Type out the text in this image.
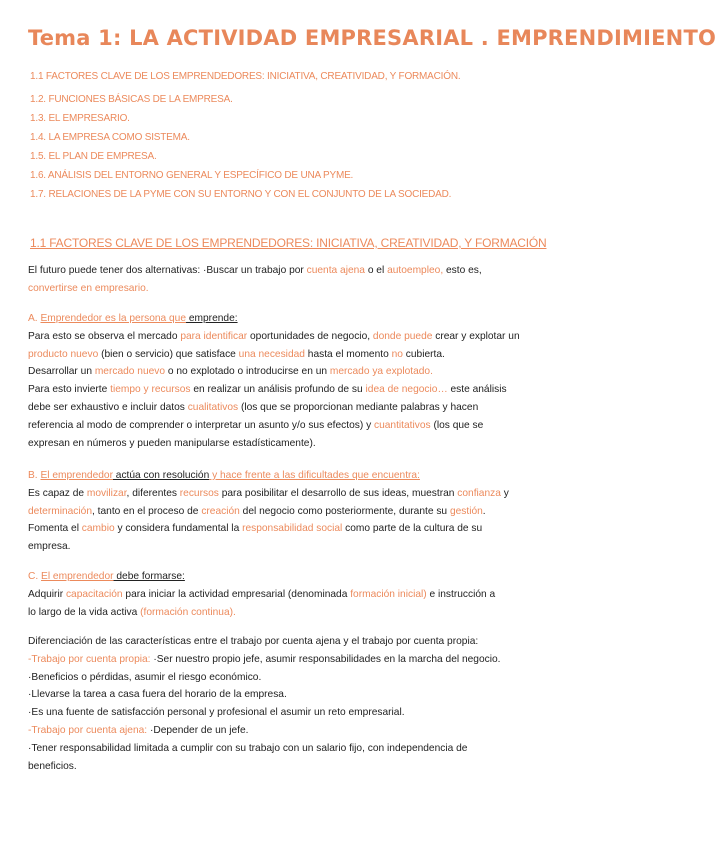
Tema 1: LA ACTIVIDAD EMPRESARIAL . EMPRENDIMIENTO
1.1 FACTORES CLAVE DE LOS EMPRENDEDORES: INICIATIVA, CREATIVIDAD, Y FORMACIÓN.
1.2. FUNCIONES BÁSICAS DE LA EMPRESA.
1.3. EL EMPRESARIO.
1.4. LA EMPRESA COMO SISTEMA.
1.5. EL PLAN DE EMPRESA.
1.6. ANÁLISIS DEL ENTORNO GENERAL Y ESPECÍFICO DE UNA PYME.
1.7. RELACIONES DE LA PYME CON SU ENTORNO Y CON EL CONJUNTO DE LA SOCIEDAD.
1.1 FACTORES CLAVE DE LOS EMPRENDEDORES: INICIATIVA, CREATIVIDAD, Y FORMACIÓN
El futuro puede tener dos alternativas: ·Buscar un trabajo por cuenta ajena o el autoempleo, esto es,
convertirse en empresario.
A. Emprendedor es la persona que emprende:
Para esto se observa el mercado para identificar oportunidades de negocio, donde puede crear y explotar un
producto nuevo (bien o servicio) que satisface una necesidad hasta el momento no cubierta.
Desarrollar un mercado nuevo o no explotado o introducirse en un mercado ya explotado.
Para esto invierte tiempo y recursos en realizar un análisis profundo de su idea de negocio… este análisis
debe ser exhaustivo e incluir datos cualitativos (los que se proporcionan mediante palabras y hacen
referencia al modo de comprender o interpretar un asunto y/o sus efectos) y cuantitativos (los que se
expresan en números y pueden manipularse estadísticamente).
B. El emprendedor actúa con resolución y hace frente a las dificultades que encuentra:
Es capaz de movilizar, diferentes recursos para posibilitar el desarrollo de sus ideas, muestran confianza y
determinación, tanto en el proceso de creación del negocio como posteriormente, durante su gestión.
Fomenta el cambio y considera fundamental la responsabilidad social como parte de la cultura de su
empresa.
C. El emprendedor debe formarse:
Adquirir capacitación para iniciar la actividad empresarial (denominada formación inicial) e instrucción a
lo largo de la vida activa (formación continua).
Diferenciación de las características entre el trabajo por cuenta ajena y el trabajo por cuenta propia:
-Trabajo por cuenta propia: ·Ser nuestro propio jefe, asumir responsabilidades en la marcha del negocio.
·Beneficios o pérdidas, asumir el riesgo económico.
·Llevarse la tarea a casa fuera del horario de la empresa.
·Es una fuente de satisfacción personal y profesional el asumir un reto empresarial.
-Trabajo por cuenta ajena: ·Depender de un jefe.
·Tener responsabilidad limitada a cumplir con su trabajo con un salario fijo, con independencia de
beneficios.
